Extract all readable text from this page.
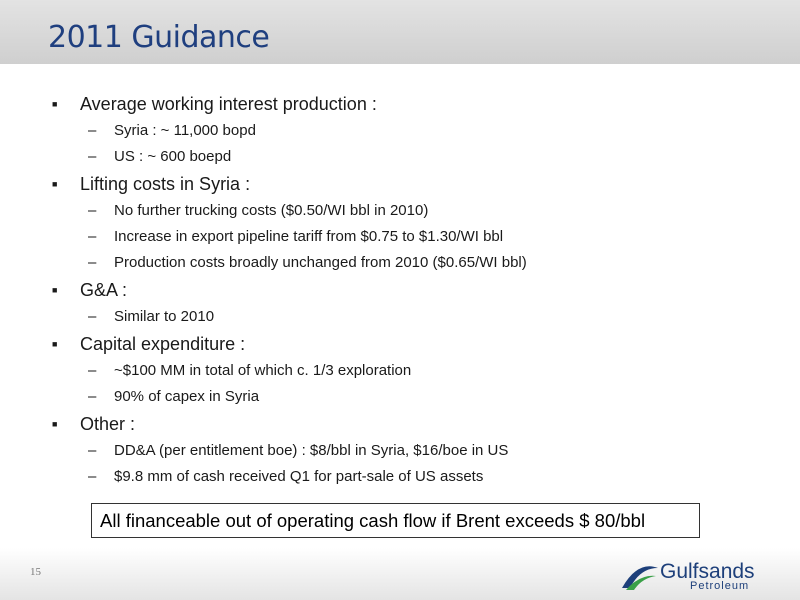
2011 Guidance
■ Average working interest production :
– Syria : ~ 11,000 bopd
– US : ~ 600 boepd
■ Lifting costs in Syria :
– No further trucking costs ($0.50/WI bbl in 2010)
– Increase in export pipeline tariff from $0.75 to $1.30/WI bbl
– Production costs broadly unchanged from 2010 ($0.65/WI bbl)
■ G&A :
– Similar to 2010
■ Capital expenditure :
– ~$100 MM in total of which c. 1/3 exploration
– 90% of capex in Syria
■ Other :
– DD&A (per entitlement boe) : $8/bbl in Syria, $16/boe in US
– $9.8 mm of cash received Q1 for part-sale of US assets
All financeable out of operating cash flow if Brent exceeds $ 80/bbl
15	Gulfsands
Petroleum
